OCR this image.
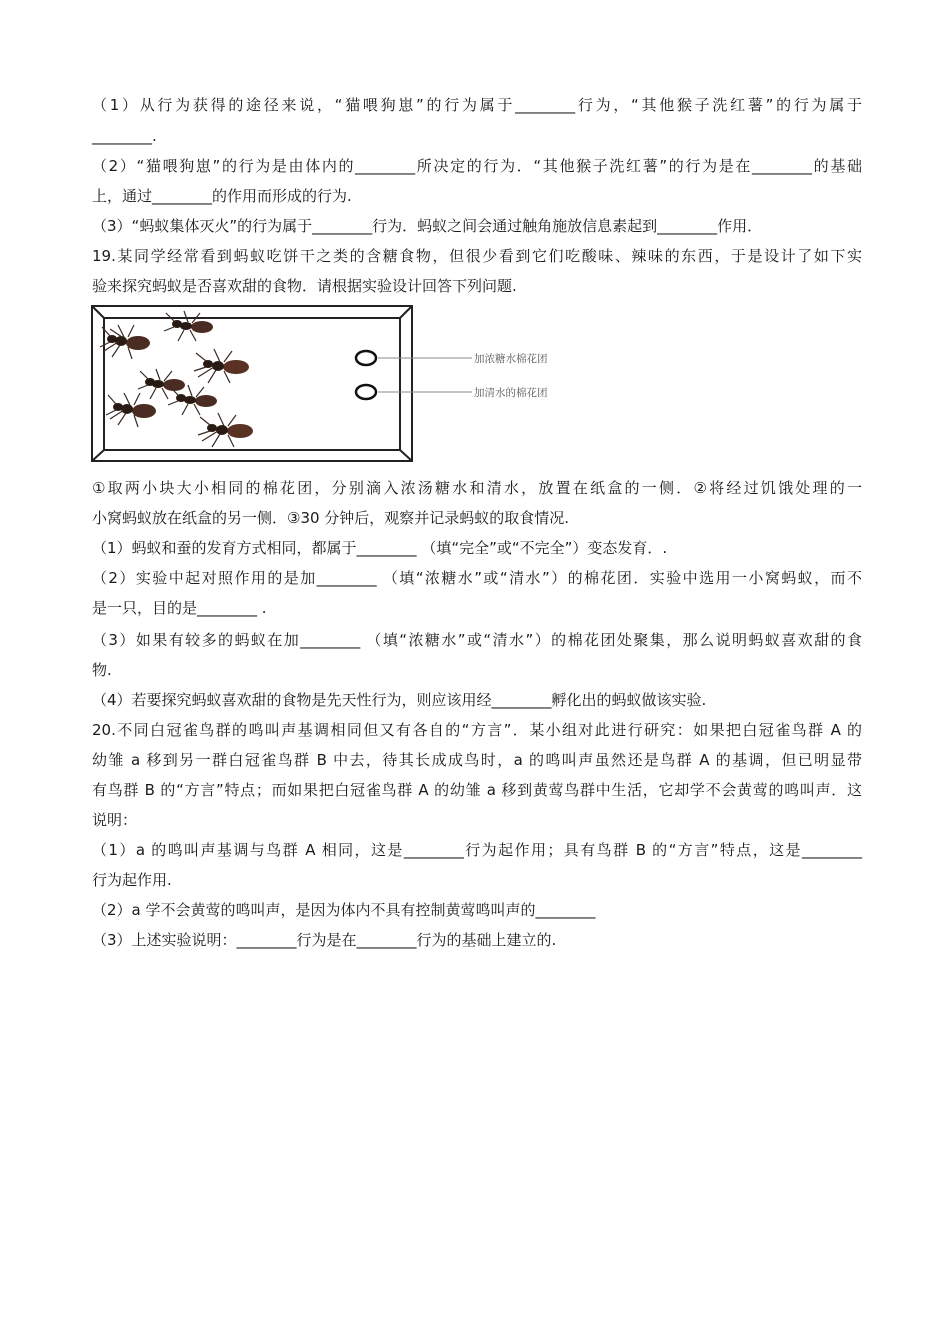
（1）从行为获得的途径来说，“猫喂狗崽”的行为属于________行为，“其他猴子洗红薯”的行为属于
________.
（2）“猫喂狗崽”的行为是由体内的________所决定的行为．“其他猴子洗红薯”的行为是在________的基础
上，通过________的作用而形成的行为.
（3）“蚂蚁集体灭火”的行为属于________行为．蚂蚁之间会通过触角施放信息素起到________作用．
19.某同学经常看到蚂蚁吃饼干之类的含糖食物，但很少看到它们吃酸味、辣味的东西，于是设计了如下实
验来探究蚂蚁是否喜欢甜的食物．请根据实验设计回答下列问题.
加浓糖水棉花团
加清水的棉花团
①取两小块大小相同的棉花团，分别滴入浓汤糖水和清水，放置在纸盒的一侧．②将经过饥饿处理的一
小窝蚂蚁放在纸盒的另一侧．③30 分钟后，观察并记录蚂蚁的取食情况.
（1）蚂蚁和蚕的发育方式相同，都属于________ （填“完全”或“不完全”）变态发育．.
（2）实验中起对照作用的是加________ （填“浓糖水”或“清水”）的棉花团．实验中选用一小窝蚂蚁，而不
是一只，目的是________ .
（3）如果有较多的蚂蚁在加________ （填“浓糖水”或“清水”）的棉花团处聚集，那么说明蚂蚁喜欢甜的食
物.
（4）若要探究蚂蚁喜欢甜的食物是先天性行为，则应该用经________孵化出的蚂蚁做该实验.
20.不同白冠雀鸟群的鸣叫声基调相同但又有各自的“方言”．某小组对此进行研究：如果把白冠雀鸟群 A 的
幼雏 a 移到另一群白冠雀鸟群 B 中去，待其长成成鸟时，a 的鸣叫声虽然还是鸟群 A 的基调，但已明显带
有鸟群 B 的“方言”特点；而如果把白冠雀鸟群 A 的幼雏 a 移到黄莺鸟群中生活，它却学不会黄莺的鸣叫声．这
说明：
（1）a 的鸣叫声基调与鸟群 A 相同，这是________行为起作用；具有鸟群 B 的“方言”特点，这是________
行为起作用.
（2）a 学不会黄莺的鸣叫声，是因为体内不具有控制黄莺鸣叫声的________
（3）上述实验说明：________行为是在________行为的基础上建立的.
